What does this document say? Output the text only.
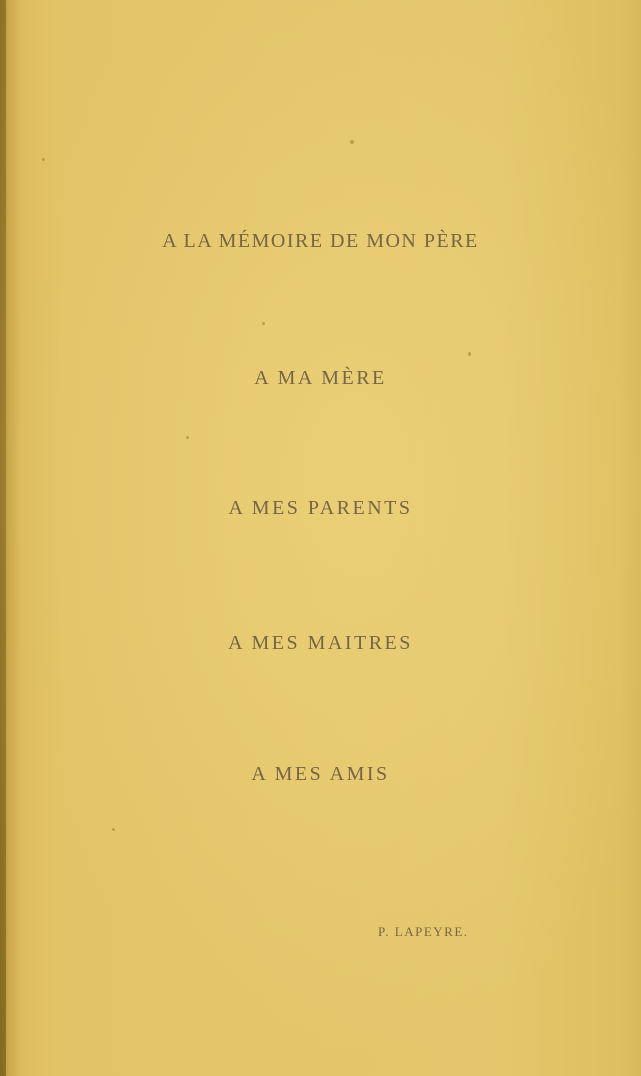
A LA MÉMOIRE DE MON PÈRE
A MA MÈRE
A MES PARENTS
A MES MAITRES
A MES AMIS
P. LAPEYRE.
